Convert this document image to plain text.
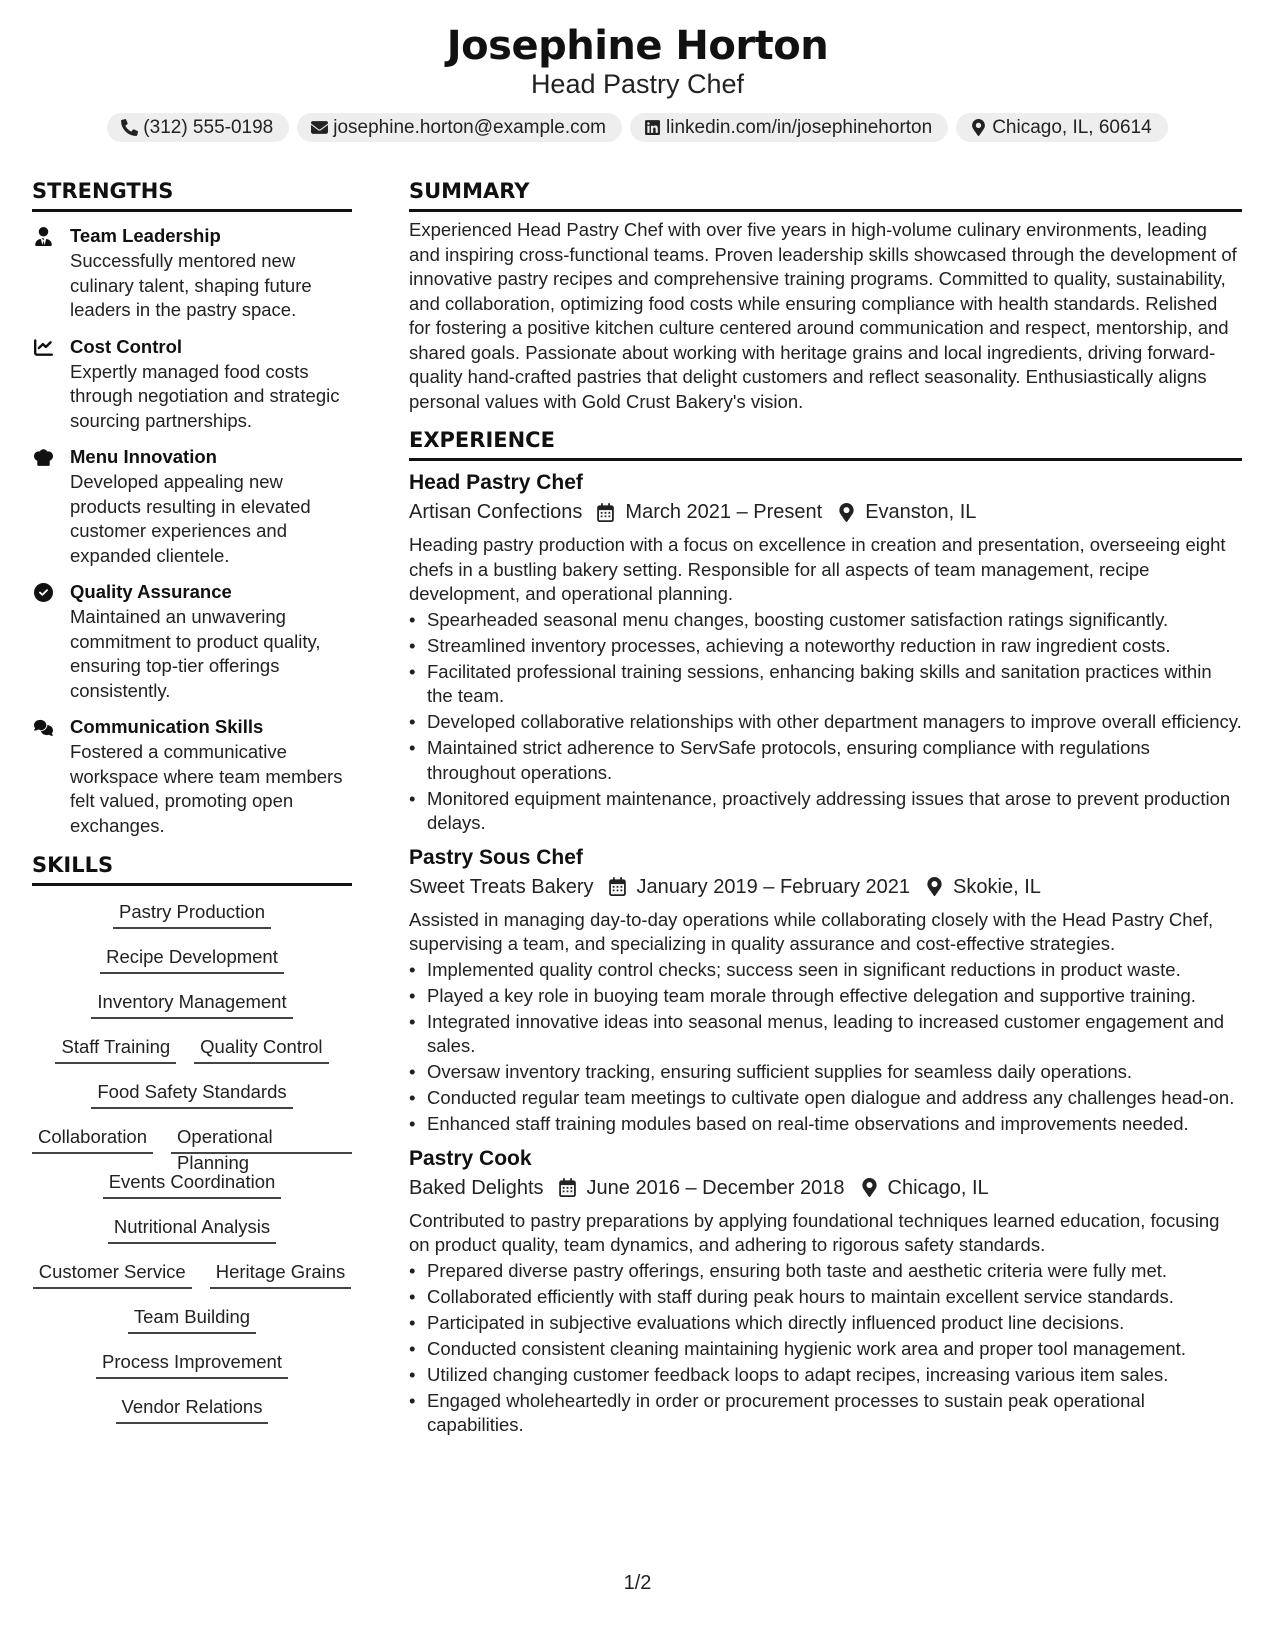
Josephine Horton
Head Pastry Chef
(312) 555-0198	josephine.horton@example.com	linkedin.com/in/josephinehorton	Chicago, IL, 60614
STRENGTHS
Team Leadership
Successfully mentored new culinary talent, shaping future leaders in the pastry space.
Cost Control
Expertly managed food costs through negotiation and strategic sourcing partnerships.
Menu Innovation
Developed appealing new products resulting in elevated customer experiences and expanded clientele.
Quality Assurance
Maintained an unwavering commitment to product quality, ensuring top-tier offerings consistently.
Communication Skills
Fostered a communicative workspace where team members felt valued, promoting open exchanges.
SKILLS
Pastry Production
Recipe Development
Inventory Management
Staff Training	Quality Control
Food Safety Standards
Collaboration	Operational Planning
Events Coordination
Nutritional Analysis
Customer Service	Heritage Grains
Team Building
Process Improvement
Vendor Relations
SUMMARY
Experienced Head Pastry Chef with over five years in high-volume culinary environments, leading and inspiring cross-functional teams. Proven leadership skills showcased through the development of innovative pastry recipes and comprehensive training programs. Committed to quality, sustainability, and collaboration, optimizing food costs while ensuring compliance with health standards. Relished for fostering a positive kitchen culture centered around communication and respect, mentorship, and shared goals. Passionate about working with heritage grains and local ingredients, driving forward-quality hand-crafted pastries that delight customers and reflect seasonality. Enthusiastically aligns personal values with Gold Crust Bakery's vision.
EXPERIENCE
Head Pastry Chef
Artisan Confections March 2021 – Present Evanston, IL
Heading pastry production with a focus on excellence in creation and presentation, overseeing eight chefs in a bustling bakery setting. Responsible for all aspects of team management, recipe development, and operational planning.
• Spearheaded seasonal menu changes, boosting customer satisfaction ratings significantly.
• Streamlined inventory processes, achieving a noteworthy reduction in raw ingredient costs.
• Facilitated professional training sessions, enhancing baking skills and sanitation practices within the team.
• Developed collaborative relationships with other department managers to improve overall efficiency.
• Maintained strict adherence to ServSafe protocols, ensuring compliance with regulations throughout operations.
• Monitored equipment maintenance, proactively addressing issues that arose to prevent production delays.
Pastry Sous Chef
Sweet Treats Bakery January 2019 – February 2021 Skokie, IL
Assisted in managing day-to-day operations while collaborating closely with the Head Pastry Chef, supervising a team, and specializing in quality assurance and cost-effective strategies.
• Implemented quality control checks; success seen in significant reductions in product waste.
• Played a key role in buoying team morale through effective delegation and supportive training.
• Integrated innovative ideas into seasonal menus, leading to increased customer engagement and sales.
• Oversaw inventory tracking, ensuring sufficient supplies for seamless daily operations.
• Conducted regular team meetings to cultivate open dialogue and address any challenges head-on.
• Enhanced staff training modules based on real-time observations and improvements needed.
Pastry Cook
Baked Delights June 2016 – December 2018 Chicago, IL
Contributed to pastry preparations by applying foundational techniques learned education, focusing on product quality, team dynamics, and adhering to rigorous safety standards.
• Prepared diverse pastry offerings, ensuring both taste and aesthetic criteria were fully met.
• Collaborated efficiently with staff during peak hours to maintain excellent service standards.
• Participated in subjective evaluations which directly influenced product line decisions.
• Conducted consistent cleaning maintaining hygienic work area and proper tool management.
• Utilized changing customer feedback loops to adapt recipes, increasing various item sales.
• Engaged wholeheartedly in order or procurement processes to sustain peak operational capabilities.
1/2
